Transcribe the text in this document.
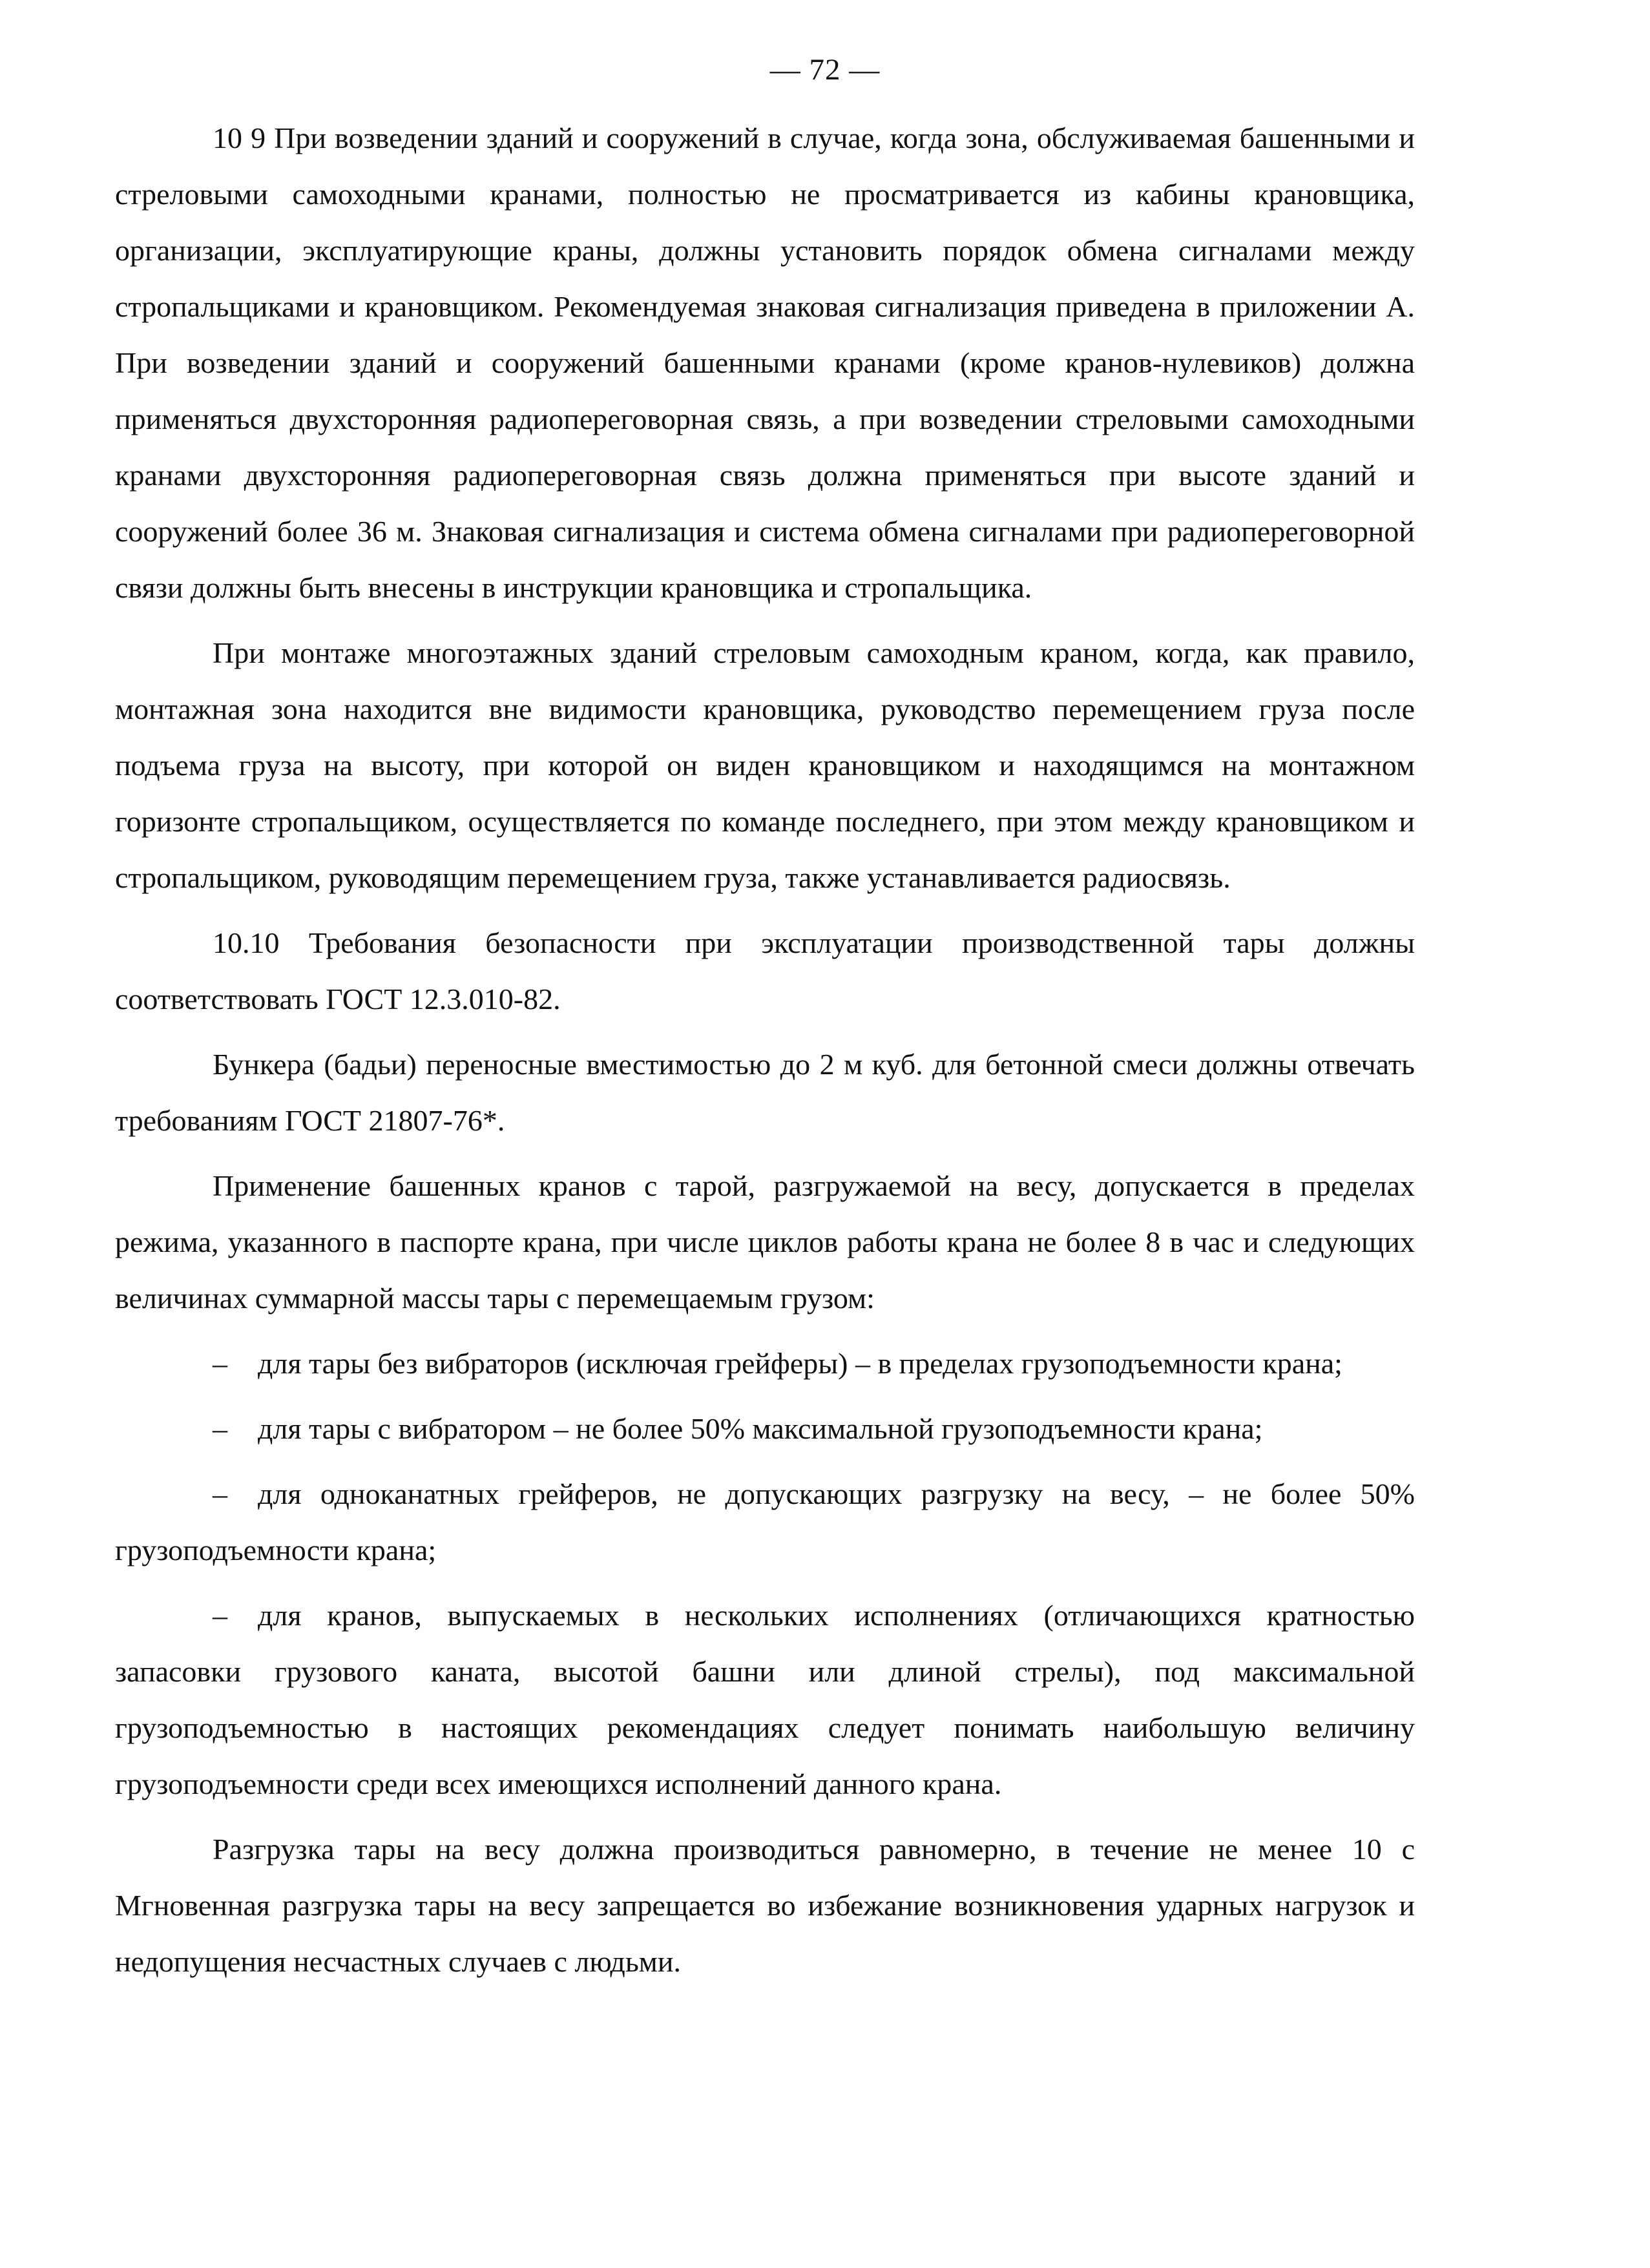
— 72 —

10 9 При возведении зданий и сооружений в случае, когда зона, обслуживаемая башенными и стреловыми самоходными кранами, полностью не просматривается из кабины крановщика, организации, эксплуатирующие краны, должны установить порядок обмена сигналами между стропальщиками и крановщиком. Рекомендуемая знаковая сигнализация приведена в приложении А. При возведении зданий и сооружений башенными кранами (кроме кранов-нулевиков) должна применяться двухсторонняя радиопереговорная связь, а при возведении стреловыми самоходными кранами двухсторонняя радиопереговорная связь должна применяться при высоте зданий и сооружений более 36 м. Знаковая сигнализация и система обмена сигналами при радиопереговорной связи должны быть внесены в инструкции крановщика и стропальщика.

При монтаже многоэтажных зданий стреловым самоходным краном, когда, как правило, монтажная зона находится вне видимости крановщика, руководство перемещением груза после подъема груза на высоту, при которой он виден крановщиком и находящимся на монтажном горизонте стропальщиком, осуществляется по команде последнего, при этом между крановщиком и стропальщиком, руководящим перемещением груза, также устанавливается радиосвязь.

10.10 Требования безопасности при эксплуатации производственной тары должны соответствовать ГОСТ 12.3.010-82.

Бункера (бадьи) переносные вместимостью до 2 м куб. для бетонной смеси должны отвечать требованиям ГОСТ 21807-76*.

Применение башенных кранов с тарой, разгружаемой на весу, допускается в пределах режима, указанного в паспорте крана, при числе циклов работы крана не более 8 в час и следующих величинах суммарной массы тары с перемещаемым грузом:

– для тары без вибраторов (исключая грейферы) – в пределах грузоподъемности крана;

– для тары с вибратором – не более 50% максимальной грузоподъемности крана;

– для одноканатных грейферов, не допускающих разгрузку на весу, – не более 50% грузоподъемности крана;

– для кранов, выпускаемых в нескольких исполнениях (отличающихся кратностью запасовки грузового каната, высотой башни или длиной стрелы), под максимальной грузоподъемностью в настоящих рекомендациях следует понимать наибольшую величину грузоподъемности среди всех имеющихся исполнений данного крана.

Разгрузка тары на весу должна производиться равномерно, в течение не менее 10 с Мгновенная разгрузка тары на весу запрещается во избежание возникновения ударных нагрузок и недопущения несчастных случаев с людьми.
